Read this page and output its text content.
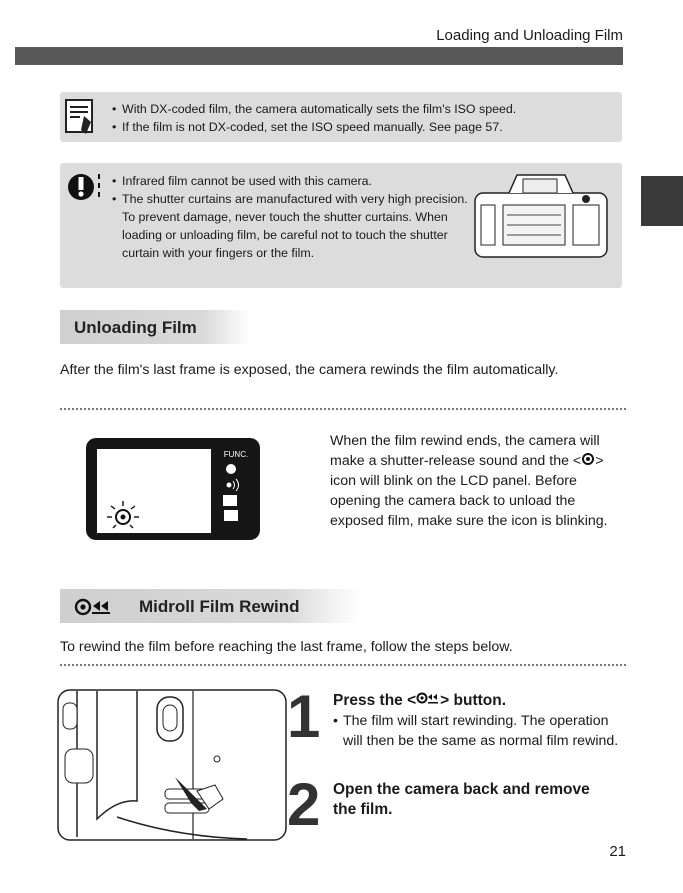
Loading and Unloading Film
• With DX-coded film, the camera automatically sets the film's ISO speed.
• If the film is not DX-coded, set the ISO speed manually. See page 57.
• Infrared film cannot be used with this camera.
• The shutter curtains are manufactured with very high precision. To prevent damage, never touch the shutter curtains. When loading or unloading film, be careful not to touch the shutter curtain with your fingers or the film.
Unloading Film
After the film's last frame is exposed, the camera rewinds the film automatically.
FUNC.
When the film rewind ends, the camera will make a shutter-release sound and the < > icon will blink on the LCD panel. Before opening the camera back to unload the exposed film, make sure the icon is blinking.
Midroll Film Rewind
To rewind the film before reaching the last frame, follow the steps below.
1 Press the < > button.
• The film will start rewinding. The operation will then be the same as normal film rewind.
2 Open the camera back and remove the film.
21
